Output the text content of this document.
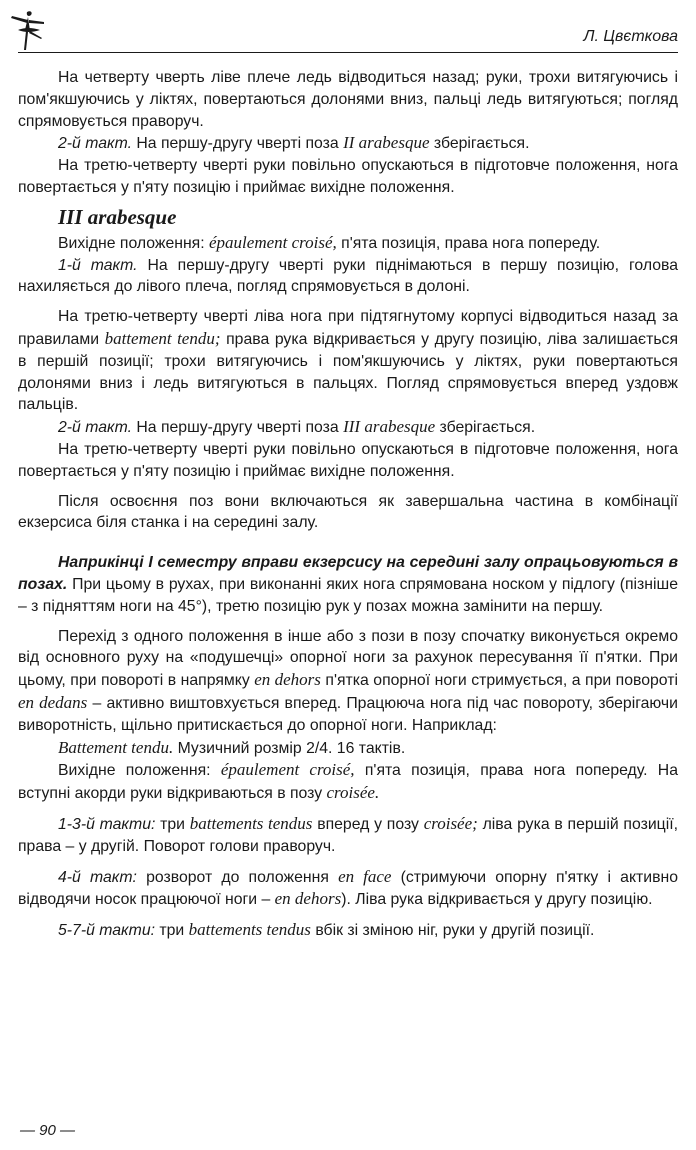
Л. Цвєткова

На четверту чверть ліве плече ледь відводиться назад; руки, трохи витягуючись і пом'якшуючись у ліктях, повертаються долонями вниз, пальці ледь витягуються; погляд спрямовується праворуч.

2-й такт. На першу-другу чверті поза II arabesque зберігається.

На третю-четверту чверті руки повільно опускаються в підготовче положення, нога повертається у п'яту позицію і приймає вихідне положення.

III arabesque

Вихідне положення: épaulement croisé, п'ята позиція, права нога попереду.

1-й такт. На першу-другу чверті руки піднімаються в першу позицію, голова нахиляється до лівого плеча, погляд спрямовується в долоні.

На третю-четверту чверті ліва нога при підтягнутому корпусі відводиться назад за правилами battement tendu; права рука відкривається у другу позицію, ліва залишається в першій позиції; трохи витягуючись і пом'якшуючись у ліктях, руки повертаються долонями вниз і ледь витягуються в пальцях. Погляд спрямовується вперед уздовж пальців.

2-й такт. На першу-другу чверті поза III arabesque зберігається.

На третю-четверту чверті руки повільно опускаються в підготовче положення, нога повертається у п'яту позицію і приймає вихідне положення.

Після освоєння поз вони включаються як завершальна частина в комбінації екзерсиса біля станка і на середині залу.

Наприкінці І семестру вправи екзерсису на середині залу опрацьовуються в позах. При цьому в рухах, при виконанні яких нога спрямована носком у підлогу (пізніше – з підняттям ноги на 45°), третю позицію рук у позах можна замінити на першу.

Перехід з одного положення в інше або з пози в позу спочатку виконується окремо від основного руху на «подушечці» опорної ноги за рахунок пересування її п'ятки. При цьому, при повороті в напрямку en dehors п'ятка опорної ноги стримується, а при повороті en dedans – активно виштовхується вперед. Працююча нога під час повороту, зберігаючи виворотність, щільно притискається до опорної ноги. Наприклад:

Battement tendu. Музичний розмір 2/4. 16 тактів.

Вихідне положення: épaulement croisé, п'ята позиція, права нога попереду. На вступні акорди руки відкриваються в позу croisée.

1-3-й такти: три battements tendus вперед у позу croisée; ліва рука в першій позиції, права – у другій. Поворот голови праворуч.

4-й такт: розворот до положення en face (стримуючи опорну п'ятку і активно відводячи носок працюючої ноги – en dehors). Ліва рука відкривається у другу позицію.

5-7-й такти: три battements tendus вбік зі зміною ніг, руки у другій позиції.

— 90 —
